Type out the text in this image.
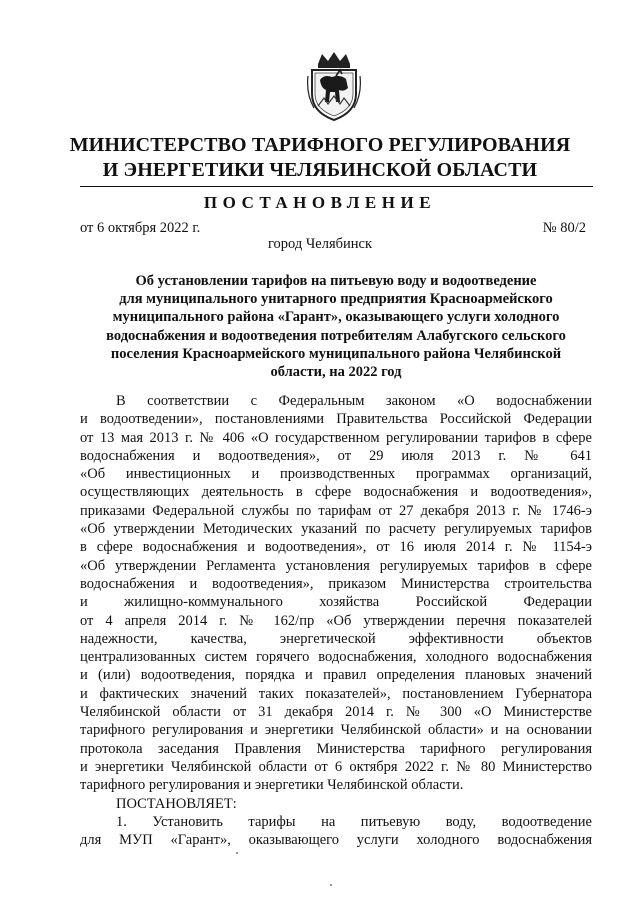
МИНИСТЕРСТВО ТАРИФНОГО РЕГУЛИРОВАНИЯ
И ЭНЕРГЕТИКИ ЧЕЛЯБИНСКОЙ ОБЛАСТИ
ПОСТАНОВЛЕНИЕ
от 6 октября 2022 г.	№ 80/2
город Челябинск
Об установлении тарифов на питьевую воду и водоотведение
для муниципального унитарного предприятия Красноармейского
муниципального района «Гарант», оказывающего услуги холодного
водоснабжения и водоотведения потребителям Алабугского сельского
поселения Красноармейского муниципального района Челябинской
области, на 2022 год
В соответствии с Федеральным законом «О водоснабжении
и водоотведении», постановлениями Правительства Российской Федерации
от 13 мая 2013 г. № 406 «О государственном регулировании тарифов в сфере
водоснабжения и водоотведения», от 29 июля 2013 г. № 641
«Об инвестиционных и производственных программах организаций,
осуществляющих деятельность в сфере водоснабжения и водоотведения»,
приказами Федеральной службы по тарифам от 27 декабря 2013 г. № 1746-э
«Об утверждении Методических указаний по расчету регулируемых тарифов
в сфере водоснабжения и водоотведения», от 16 июля 2014 г. № 1154-э
«Об утверждении Регламента установления регулируемых тарифов в сфере
водоснабжения и водоотведения», приказом Министерства строительства
и жилищно-коммунального хозяйства Российской Федерации
от 4 апреля 2014 г. № 162/пр «Об утверждении перечня показателей
надежности, качества, энергетической эффективности объектов
централизованных систем горячего водоснабжения, холодного водоснабжения
и (или) водоотведения, порядка и правил определения плановых значений
и фактических значений таких показателей», постановлением Губернатора
Челябинской области от 31 декабря 2014 г. № 300 «О Министерстве
тарифного регулирования и энергетики Челябинской области» и на основании
протокола заседания Правления Министерства тарифного регулирования
и энергетики Челябинской области от 6 октября 2022 г. № 80 Министерство
тарифного регулирования и энергетики Челябинской области.
ПОСТАНОВЛЯЕТ:
1. Установить тарифы на питьевую воду, водоотведение
для МУП «Гарант», оказывающего услуги холодного водоснабжения
